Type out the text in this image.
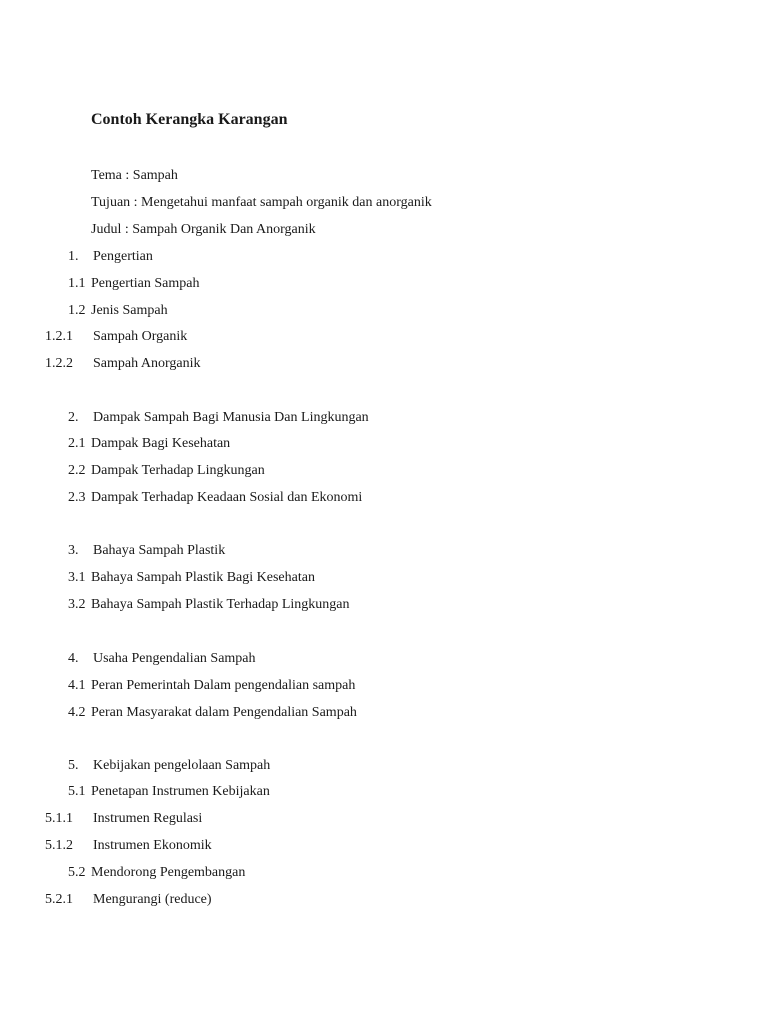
Contoh Kerangka Karangan
Tema : Sampah
Tujuan : Mengetahui manfaat sampah organik dan anorganik
Judul : Sampah Organik Dan Anorganik
1. Pengertian
1.1 Pengertian Sampah
1.2 Jenis Sampah
1.2.1 Sampah Organik
1.2.2 Sampah Anorganik
2. Dampak Sampah Bagi Manusia Dan Lingkungan
2.1 Dampak Bagi Kesehatan
2.2 Dampak Terhadap Lingkungan
2.3 Dampak Terhadap Keadaan Sosial dan Ekonomi
3. Bahaya Sampah Plastik
3.1 Bahaya Sampah Plastik Bagi Kesehatan
3.2 Bahaya Sampah Plastik Terhadap Lingkungan
4. Usaha Pengendalian Sampah
4.1 Peran Pemerintah Dalam pengendalian sampah
4.2 Peran Masyarakat dalam Pengendalian Sampah
5. Kebijakan pengelolaan Sampah
5.1 Penetapan Instrumen Kebijakan
5.1.1 Instrumen Regulasi
5.1.2 Instrumen Ekonomik
5.2 Mendorong Pengembangan
5.2.1 Mengurangi (reduce)
